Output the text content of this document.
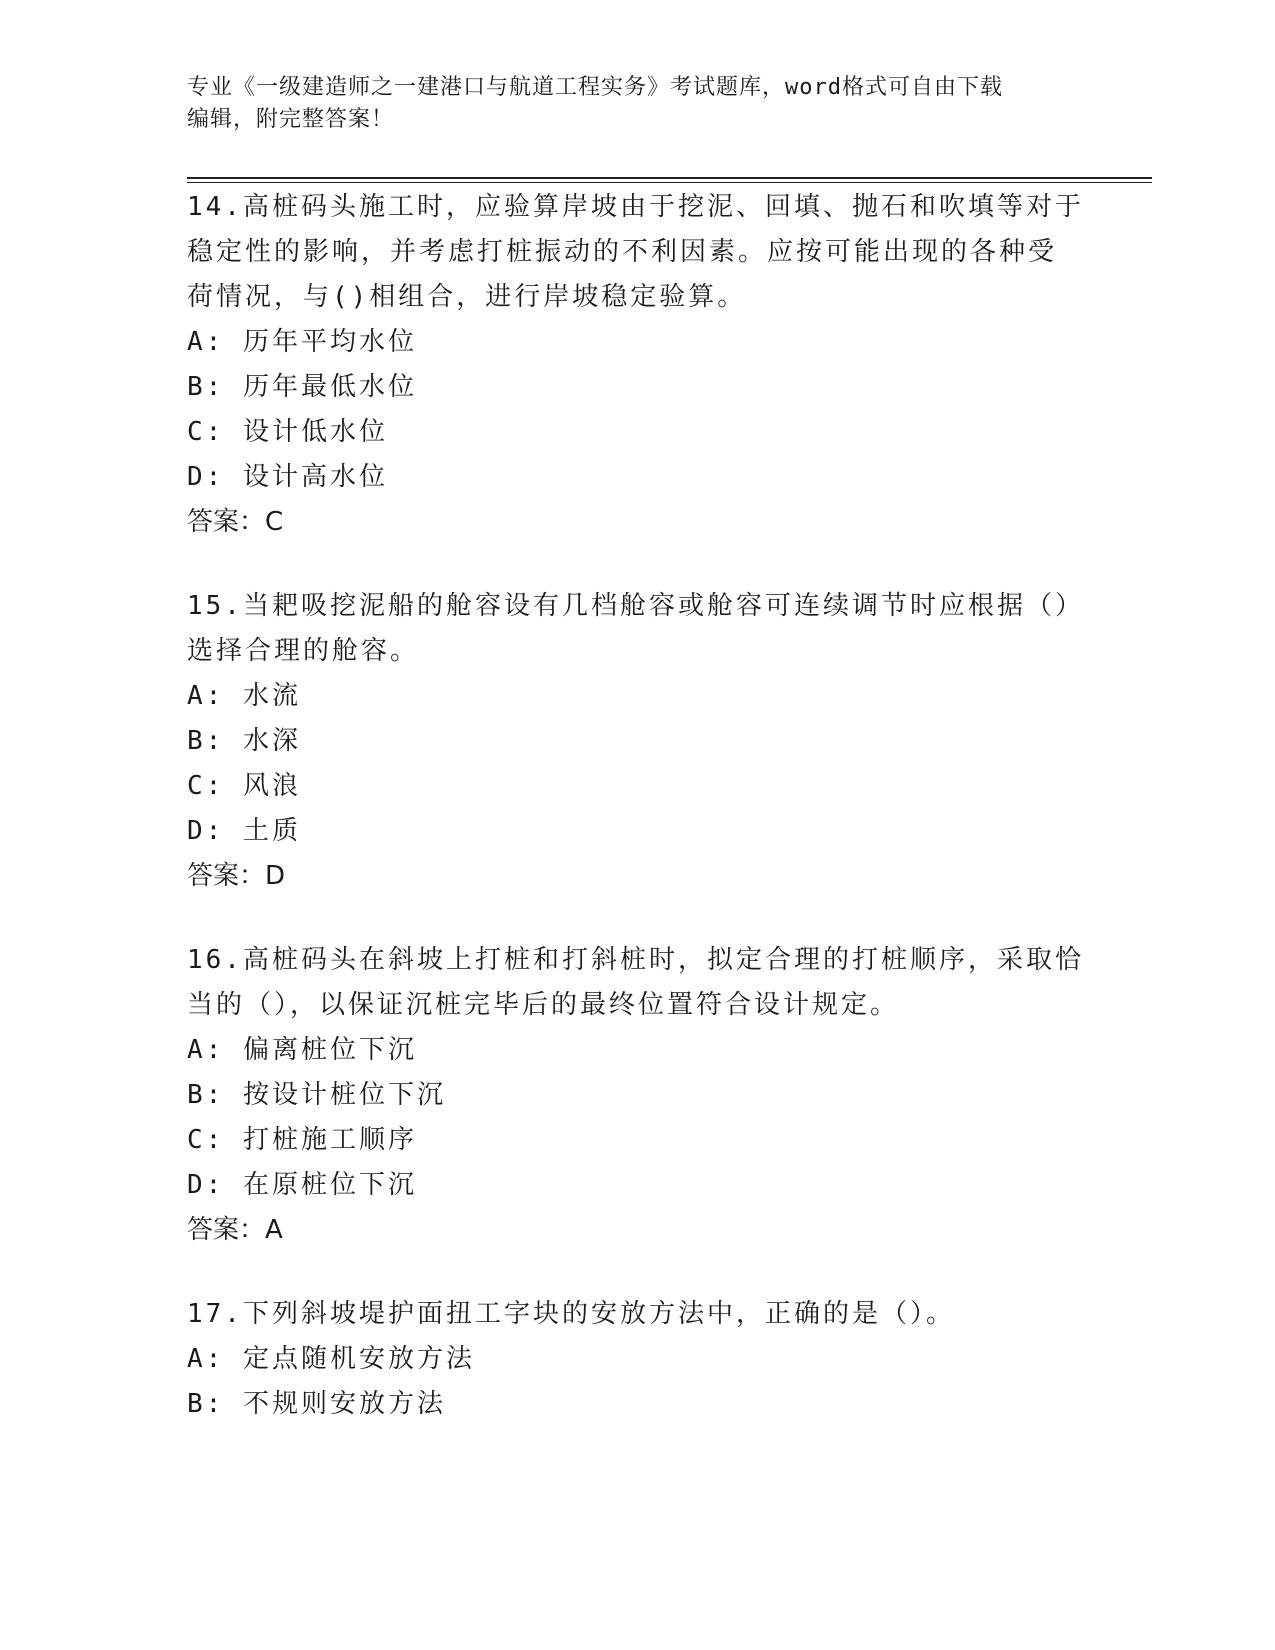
专业《一级建造师之一建港口与航道工程实务》考试题库，word格式可自由下载
编辑，附完整答案！
14.高桩码头施工时，应验算岸坡由于挖泥、回填、抛石和吹填等对于
稳定性的影响，并考虑打桩振动的不利因素。应按可能出现的各种受
荷情况，与()相组合，进行岸坡稳定验算。
A: 历年平均水位
B: 历年最低水位
C: 设计低水位
D: 设计高水位
答案：C
15.当耙吸挖泥船的舱容设有几档舱容或舱容可连续调节时应根据（）
选择合理的舱容。
A: 水流
B: 水深
C: 风浪
D: 土质
答案：D
16.高桩码头在斜坡上打桩和打斜桩时，拟定合理的打桩顺序，采取恰
当的（），以保证沉桩完毕后的最终位置符合设计规定。
A: 偏离桩位下沉
B: 按设计桩位下沉
C: 打桩施工顺序
D: 在原桩位下沉
答案：A
17.下列斜坡堤护面扭工字块的安放方法中，正确的是（）。
A: 定点随机安放方法
B: 不规则安放方法
